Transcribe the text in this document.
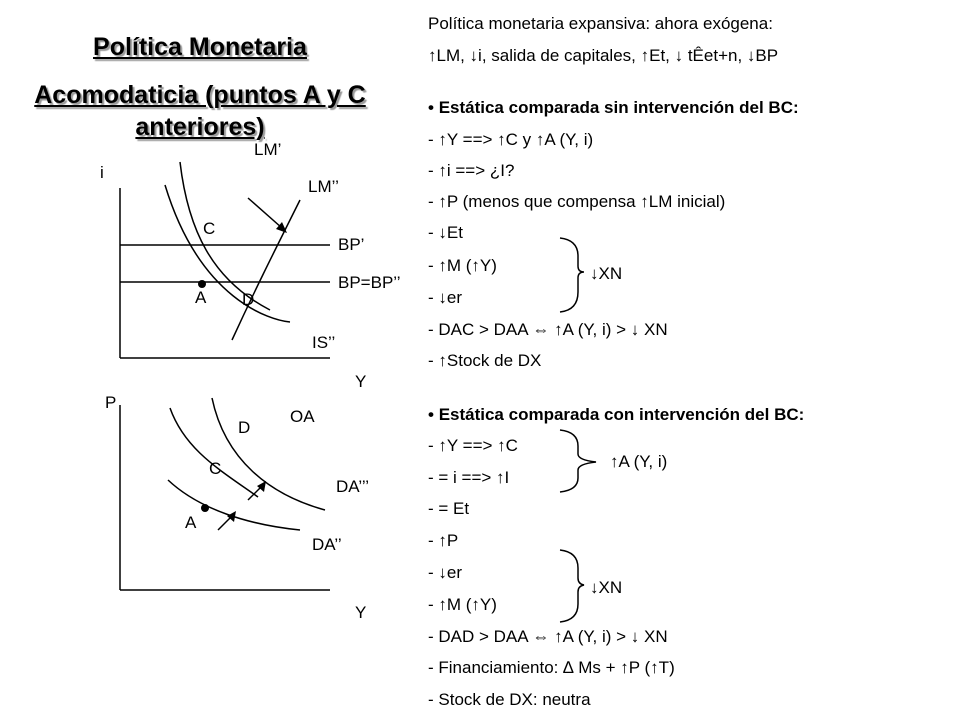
Política Monetaria
Acomodaticia (puntos A y C
anteriores)
i
Y
LM’
LM’’
BP’
BP=BP’’
IS’’
C
A D
P
Y
OA
DA’’’
DA’’
D
C
A
Política monetaria expansiva: ahora exógena:
↑LM, ↓i, salida de capitales, ↑Et, ↓ tÊet+n, ↓BP
• Estática comparada sin intervención del BC:
- ↑Y ==> ↑C y ↑A (Y, i)
- ↑i ==> ¿I?
- ↑P (menos que compensa ↑LM inicial)
- ↓Et
- ↑M (↑Y)
- ↓er
- DAC > DAA ⇔ ↑A (Y, i) > ↓ XN
- ↑Stock de DX
↓XN
• Estática comparada con intervención del BC:
- ↑Y ==> ↑C
- = i ==> ↑I
- = Et
- ↑P
- ↓er
- ↑M (↑Y)
- DAD > DAA ⇔ ↑A (Y, i) > ↓ XN
- Financiamiento: ∆ Ms + ↑P (↑T)
- Stock de DX: neutra
↑A (Y, i)
↓XN
